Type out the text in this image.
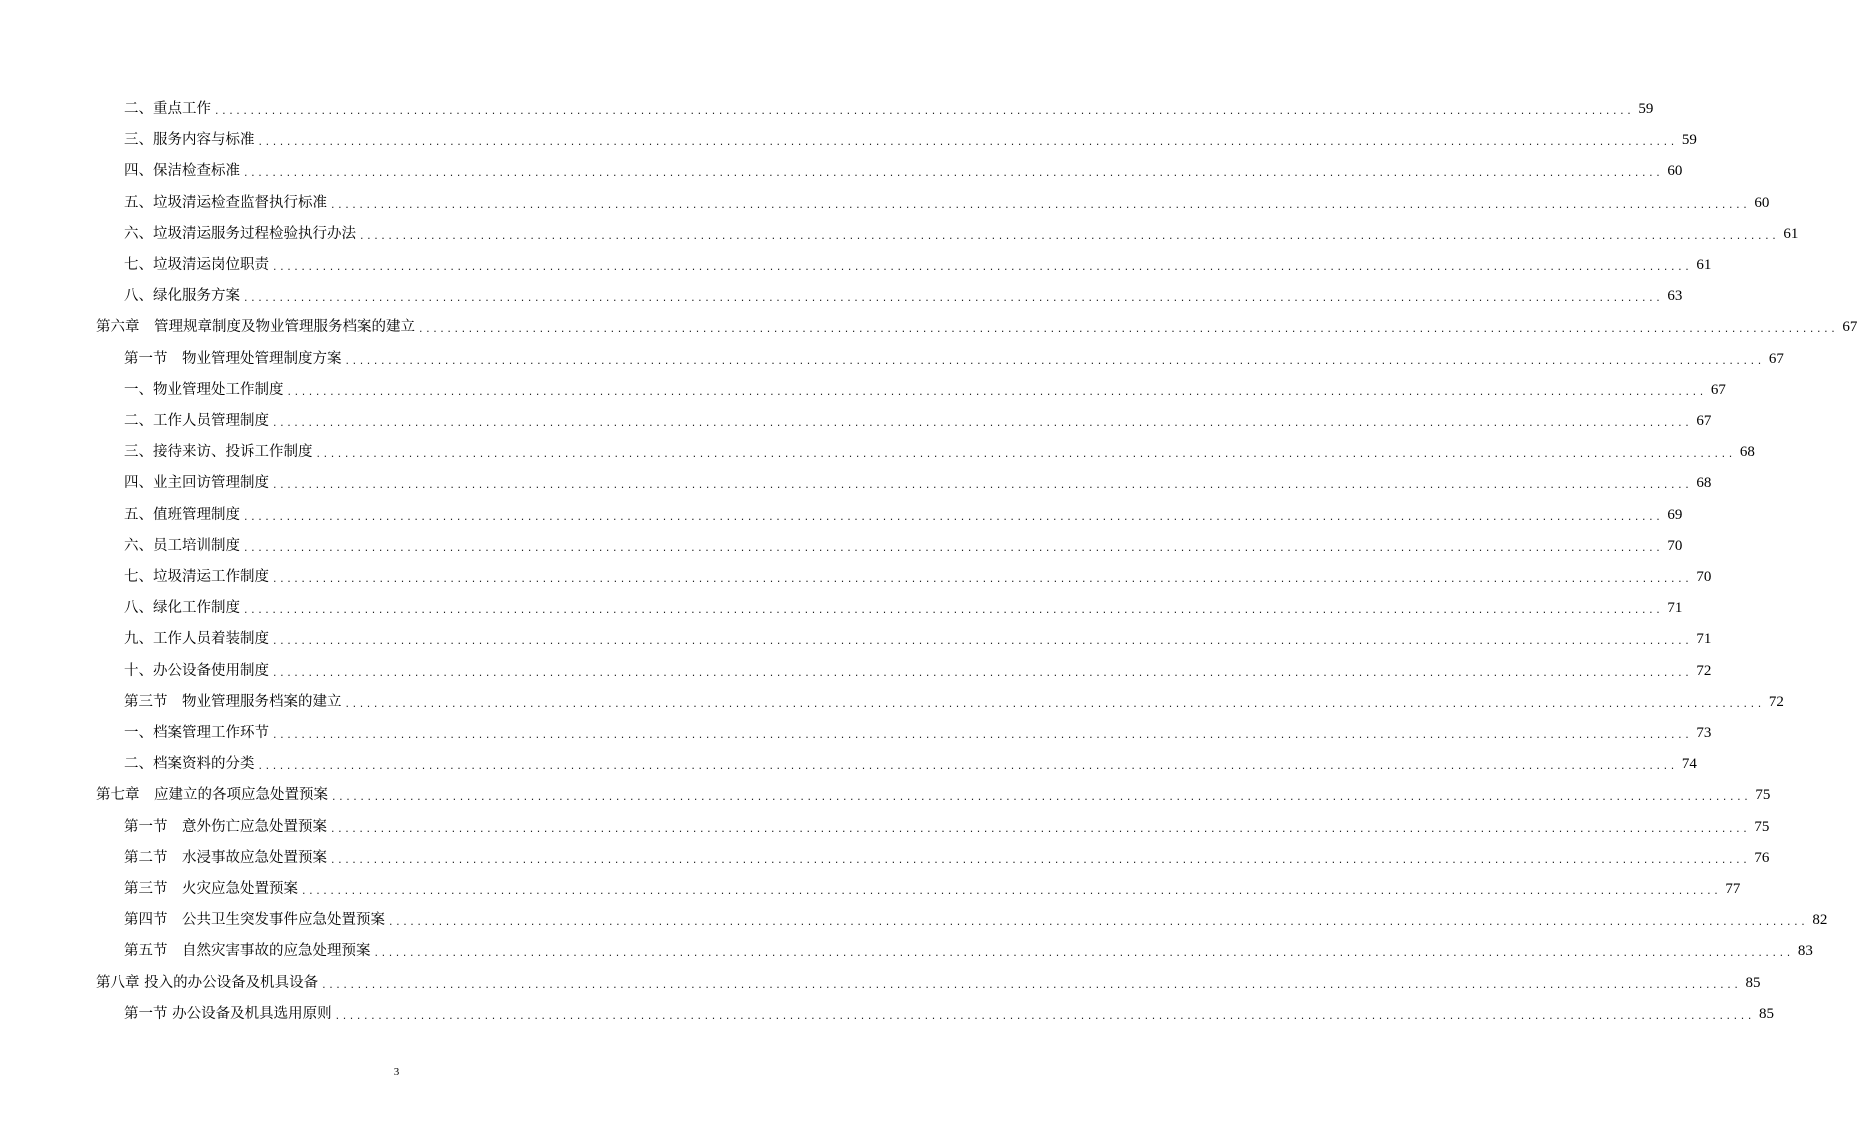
二、重点工作 ........................................................................................................................................................................................................ 59
三、服务内容与标准 ........................................................................................................................................................................................................ 59
四、保洁检查标准 ........................................................................................................................................................................................................ 60
五、垃圾清运检查监督执行标准 ........................................................................................................................................................................................................ 60
六、垃圾清运服务过程检验执行办法 ........................................................................................................................................................................................................ 61
七、垃圾清运岗位职责 ........................................................................................................................................................................................................ 61
八、绿化服务方案 ........................................................................................................................................................................................................ 63
第六章　管理规章制度及物业管理服务档案的建立 ........................................................................................................................................................................................................ 67
第一节　物业管理处管理制度方案 ........................................................................................................................................................................................................ 67
一、物业管理处工作制度 ........................................................................................................................................................................................................ 67
二、工作人员管理制度 ........................................................................................................................................................................................................ 67
三、接待来访、投诉工作制度 ........................................................................................................................................................................................................ 68
四、业主回访管理制度 ........................................................................................................................................................................................................ 68
五、值班管理制度 ........................................................................................................................................................................................................ 69
六、员工培训制度 ........................................................................................................................................................................................................ 70
七、垃圾清运工作制度 ........................................................................................................................................................................................................ 70
八、绿化工作制度 ........................................................................................................................................................................................................ 71
九、工作人员着装制度 ........................................................................................................................................................................................................ 71
十、办公设备使用制度 ........................................................................................................................................................................................................ 72
第三节　物业管理服务档案的建立 ........................................................................................................................................................................................................ 72
一、档案管理工作环节 ........................................................................................................................................................................................................ 73
二、档案资料的分类 ........................................................................................................................................................................................................ 74
第七章　应建立的各项应急处置预案 ........................................................................................................................................................................................................ 75
第一节　意外伤亡应急处置预案 ........................................................................................................................................................................................................ 75
第二节　水浸事故应急处置预案 ........................................................................................................................................................................................................ 76
第三节　火灾应急处置预案 ........................................................................................................................................................................................................ 77
第四节　公共卫生突发事件应急处置预案 ........................................................................................................................................................................................................ 82
第五节　自然灾害事故的应急处理预案 ........................................................................................................................................................................................................ 83
第八章 投入的办公设备及机具设备 ........................................................................................................................................................................................................ 85
第一节 办公设备及机具选用原则 ........................................................................................................................................................................................................ 85
3
